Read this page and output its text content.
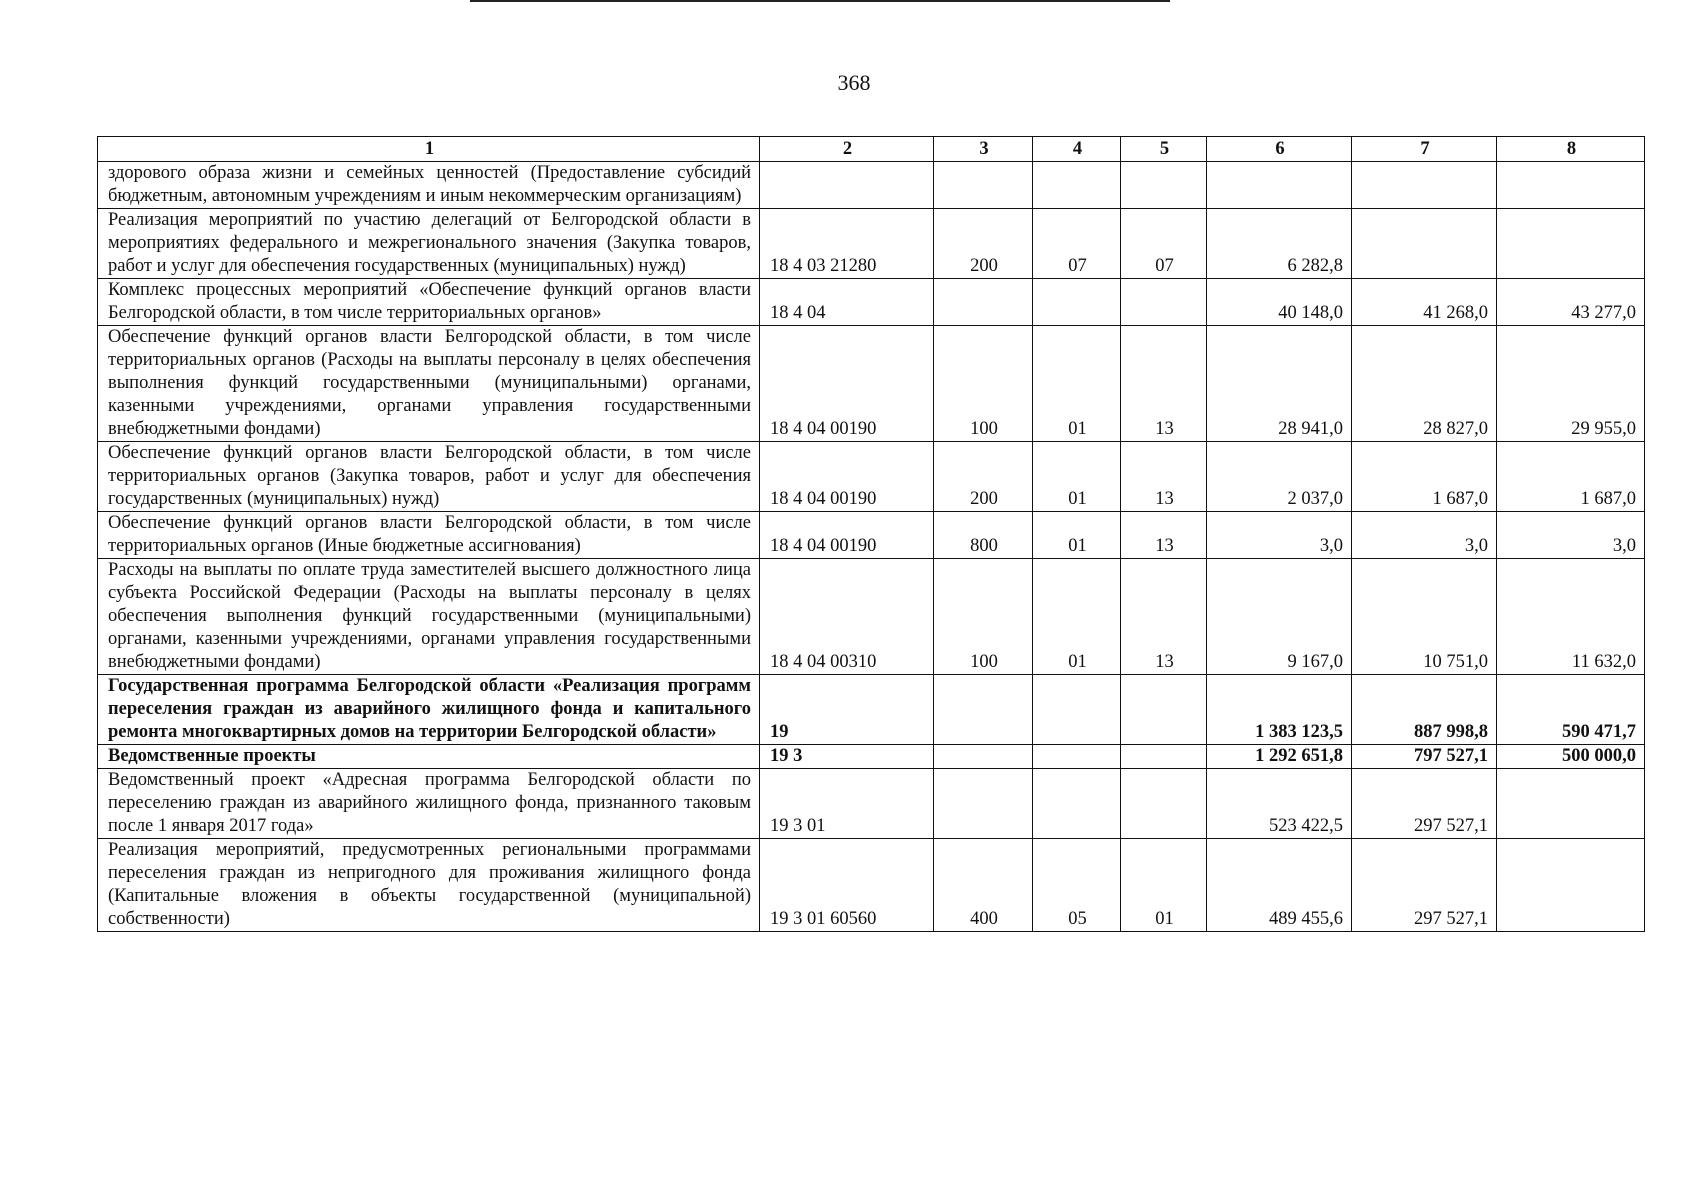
368
1	2	3	4	5	6	7	8
здорового образа жизни и семейных ценностей (Предоставление субсидий бюджетным, автономным учреждениям и иным некоммерческим организациям)							
Реализация мероприятий по участию делегаций от Белгородской области в мероприятиях федерального и межрегионального значения (Закупка товаров, работ и услуг для обеспечения государственных (муниципальных) нужд)	18 4 03 21280	200	07	07	6 282,8		
Комплекс процессных мероприятий «Обеспечение функций органов власти Белгородской области, в том числе территориальных органов»	18 4 04				40 148,0	41 268,0	43 277,0
Обеспечение функций органов власти Белгородской области, в том числе территориальных органов (Расходы на выплаты персоналу в целях обеспечения выполнения функций государственными (муниципальными) органами, казенными учреждениями, органами управления государственными внебюджетными фондами)	18 4 04 00190	100	01	13	28 941,0	28 827,0	29 955,0
Обеспечение функций органов власти Белгородской области, в том числе территориальных органов (Закупка товаров, работ и услуг для обеспечения государственных (муниципальных) нужд)	18 4 04 00190	200	01	13	2 037,0	1 687,0	1 687,0
Обеспечение функций органов власти Белгородской области, в том числе территориальных органов (Иные бюджетные ассигнования)	18 4 04 00190	800	01	13	3,0	3,0	3,0
Расходы на выплаты по оплате труда заместителей высшего должностного лица субъекта Российской Федерации (Расходы на выплаты персоналу в целях обеспечения выполнения функций государственными (муниципальными) органами, казенными учреждениями, органами управления государственными внебюджетными фондами)	18 4 04 00310	100	01	13	9 167,0	10 751,0	11 632,0
Государственная программа Белгородской области «Реализация программ переселения граждан из аварийного жилищного фонда и капитального ремонта многоквартирных домов на территории Белгородской области»	19				1 383 123,5	887 998,8	590 471,7
Ведомственные проекты	19 3				1 292 651,8	797 527,1	500 000,0
Ведомственный проект «Адресная программа Белгородской области по переселению граждан из аварийного жилищного фонда, признанного таковым после 1 января 2017 года»	19 3 01				523 422,5	297 527,1	
Реализация мероприятий, предусмотренных региональными программами переселения граждан из непригодного для проживания жилищного фонда (Капитальные вложения в объекты государственной (муниципальной) собственности)	19 3 01 60560	400	05	01	489 455,6	297 527,1	
